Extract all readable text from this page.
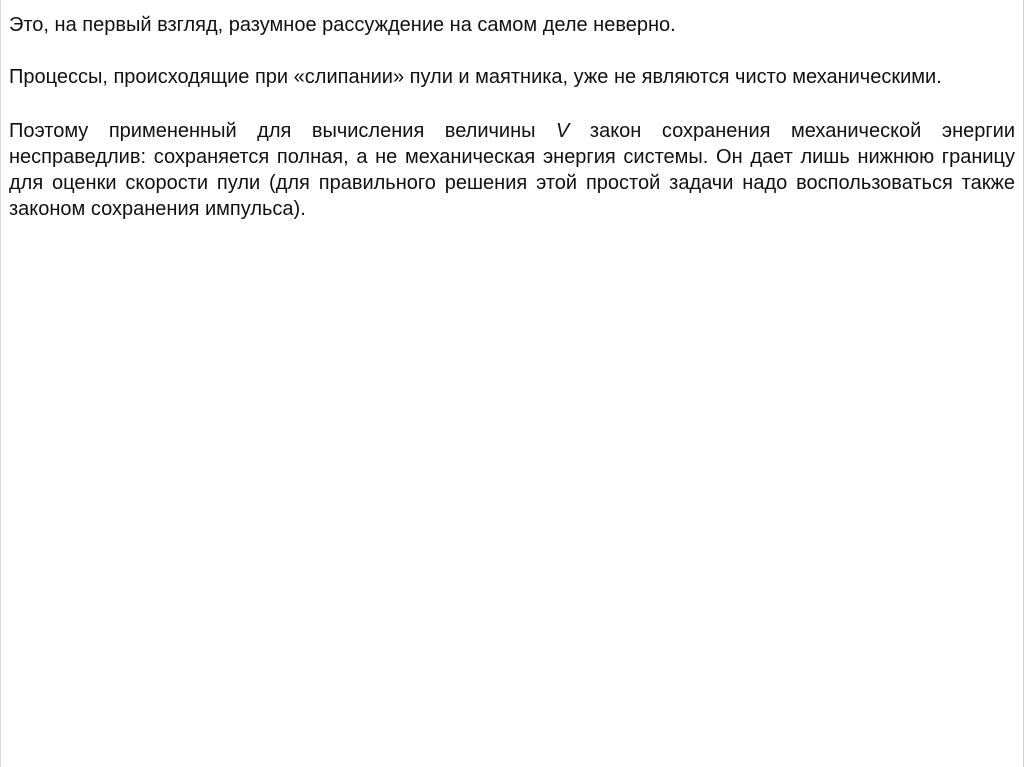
Это, на первый взгляд, разумное рассуждение на самом деле неверно.

Процессы, происходящие при «слипании» пули и маятника, уже не являются чисто механическими.

Поэтому примененный для вычисления величины V закон сохранения механической энергии несправедлив: сохраняется полная, а не механическая энергия системы. Он дает лишь нижнюю границу для оценки скорости пули (для правильного решения этой простой задачи надо воспользоваться также законом сохранения импульса).
